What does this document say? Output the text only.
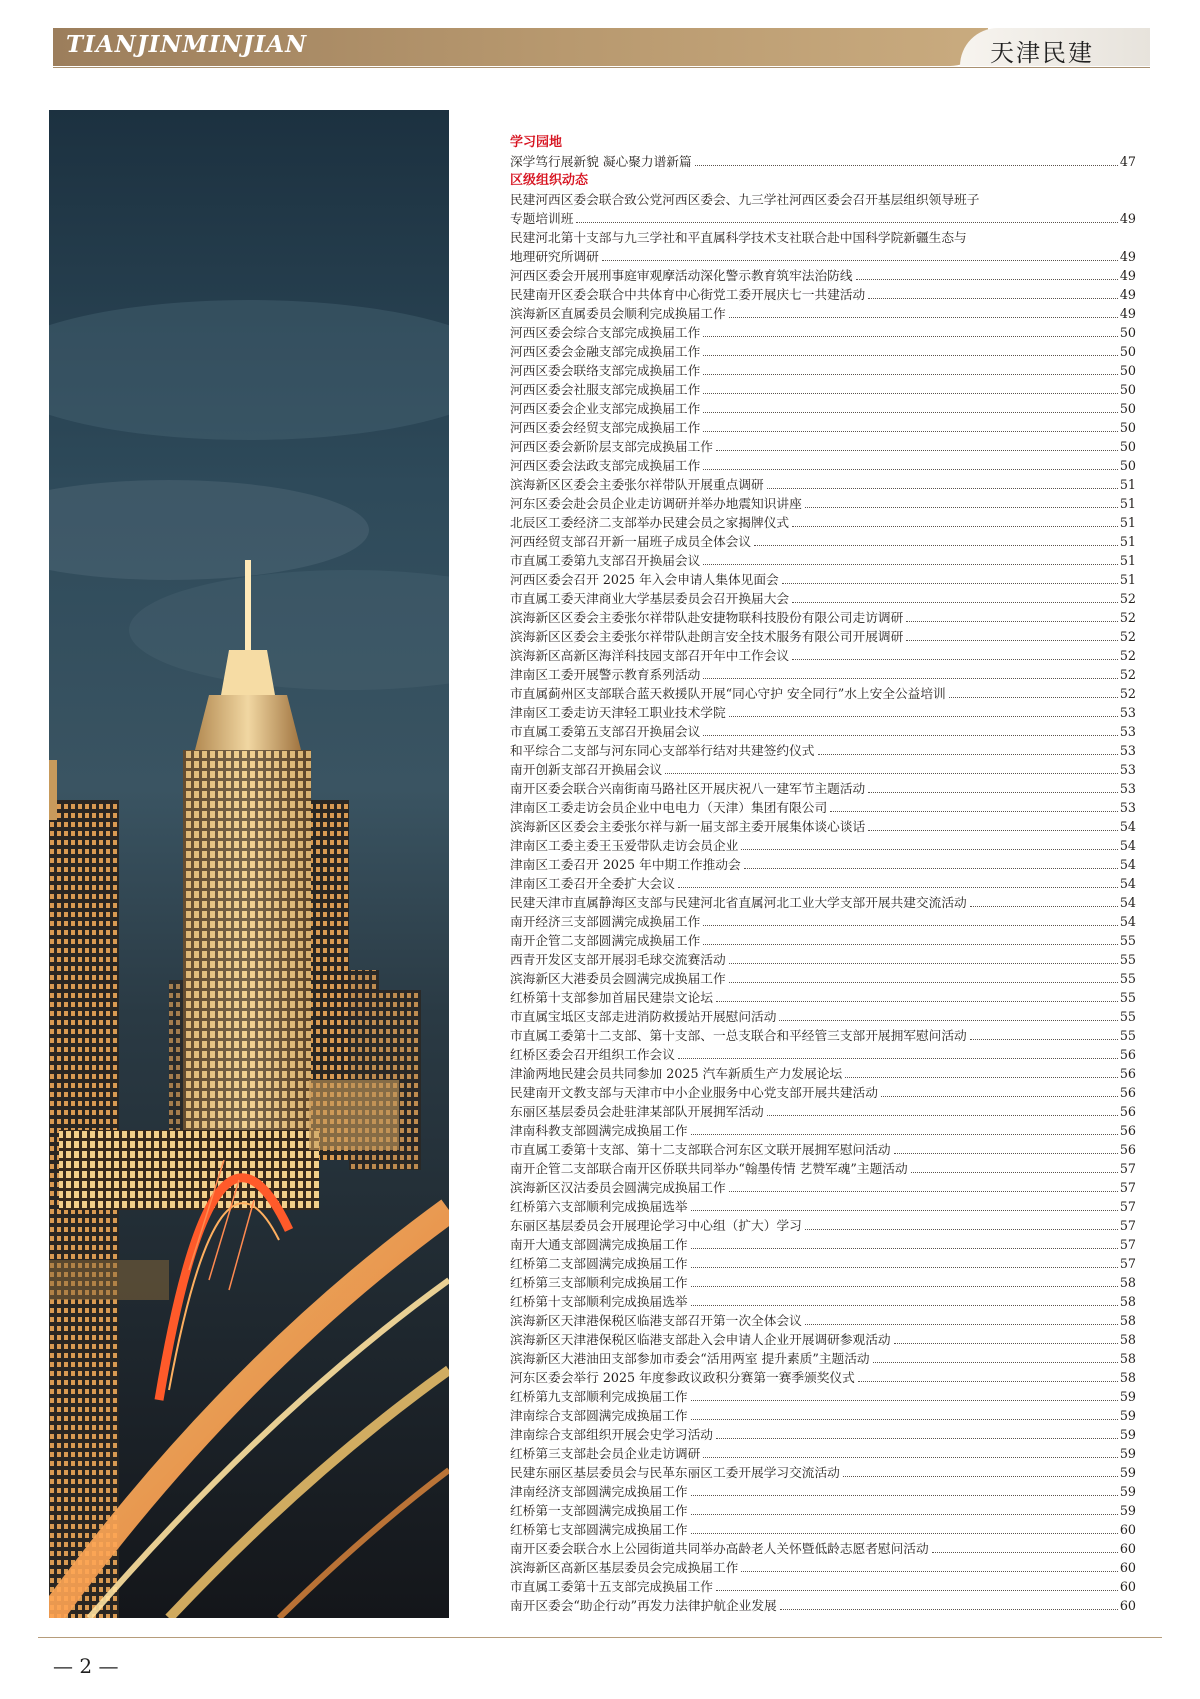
TIANJINMINJIAN	天津民建
学习园地
深学笃行展新貌 凝心聚力谱新篇	47
区级组织动态
民建河西区委会联合致公党河西区委会、九三学社河西区委会召开基层组织领导班子
专题培训班	49
民建河北第十支部与九三学社和平直属科学技术支社联合赴中国科学院新疆生态与
地理研究所调研	49
河西区委会开展刑事庭审观摩活动深化警示教育筑牢法治防线	49
民建南开区委会联合中共体育中心街党工委开展庆七一共建活动	49
滨海新区直属委员会顺利完成换届工作	49
河西区委会综合支部完成换届工作	50
河西区委会金融支部完成换届工作	50
河西区委会联络支部完成换届工作	50
河西区委会社服支部完成换届工作	50
河西区委会企业支部完成换届工作	50
河西区委会经贸支部完成换届工作	50
河西区委会新阶层支部完成换届工作	50
河西区委会法政支部完成换届工作	50
滨海新区区委会主委张尔祥带队开展重点调研	51
河东区委会赴会员企业走访调研并举办地震知识讲座	51
北辰区工委经济二支部举办民建会员之家揭牌仪式	51
河西经贸支部召开新一届班子成员全体会议	51
市直属工委第九支部召开换届会议	51
河西区委会召开 2025 年入会申请人集体见面会	51
市直属工委天津商业大学基层委员会召开换届大会	52
滨海新区区委会主委张尔祥带队赴安捷物联科技股份有限公司走访调研	52
滨海新区区委会主委张尔祥带队赴朗言安全技术服务有限公司开展调研	52
滨海新区高新区海洋科技园支部召开年中工作会议	52
津南区工委开展警示教育系列活动	52
市直属蓟州区支部联合蓝天救援队开展“同心守护 安全同行”水上安全公益培训	52
津南区工委走访天津轻工职业技术学院	53
市直属工委第五支部召开换届会议	53
和平综合二支部与河东同心支部举行结对共建签约仪式	53
南开创新支部召开换届会议	53
南开区委会联合兴南街南马路社区开展庆祝八一建军节主题活动	53
津南区工委走访会员企业中电电力（天津）集团有限公司	53
滨海新区区委会主委张尔祥与新一届支部主委开展集体谈心谈话	54
津南区工委主委王玉爱带队走访会员企业	54
津南区工委召开 2025 年中期工作推动会	54
津南区工委召开全委扩大会议	54
民建天津市直属静海区支部与民建河北省直属河北工业大学支部开展共建交流活动	54
南开经济三支部圆满完成换届工作	54
南开企管二支部圆满完成换届工作	55
西青开发区支部开展羽毛球交流赛活动	55
滨海新区大港委员会圆满完成换届工作	55
红桥第十支部参加首届民建崇文论坛	55
市直属宝坻区支部走进消防救援站开展慰问活动	55
市直属工委第十二支部、第十支部、一总支联合和平经管三支部开展拥军慰问活动	55
红桥区委会召开组织工作会议	56
津渝两地民建会员共同参加 2025 汽车新质生产力发展论坛	56
民建南开文教支部与天津市中小企业服务中心党支部开展共建活动	56
东丽区基层委员会赴驻津某部队开展拥军活动	56
津南科教支部圆满完成换届工作	56
市直属工委第十支部、第十二支部联合河东区文联开展拥军慰问活动	56
南开企管二支部联合南开区侨联共同举办“翰墨传情 艺赞军魂”主题活动	57
滨海新区汉沽委员会圆满完成换届工作	57
红桥第六支部顺利完成换届选举	57
东丽区基层委员会开展理论学习中心组（扩大）学习	57
南开大通支部圆满完成换届工作	57
红桥第二支部圆满完成换届工作	57
红桥第三支部顺利完成换届工作	58
红桥第十支部顺利完成换届选举	58
滨海新区天津港保税区临港支部召开第一次全体会议	58
滨海新区天津港保税区临港支部赴入会申请人企业开展调研参观活动	58
滨海新区大港油田支部参加市委会“活用两室 提升素质”主题活动	58
河东区委会举行 2025 年度参政议政积分赛第一赛季颁奖仪式	58
红桥第九支部顺利完成换届工作	59
津南综合支部圆满完成换届工作	59
津南综合支部组织开展会史学习活动	59
红桥第三支部赴会员企业走访调研	59
民建东丽区基层委员会与民革东丽区工委开展学习交流活动	59
津南经济支部圆满完成换届工作	59
红桥第一支部圆满完成换届工作	59
红桥第七支部圆满完成换届工作	60
南开区委会联合水上公园街道共同举办高龄老人关怀暨低龄志愿者慰问活动	60
滨海新区高新区基层委员会完成换届工作	60
市直属工委第十五支部完成换届工作	60
南开区委会“助企行动”再发力法律护航企业发展	60
— 2 —
